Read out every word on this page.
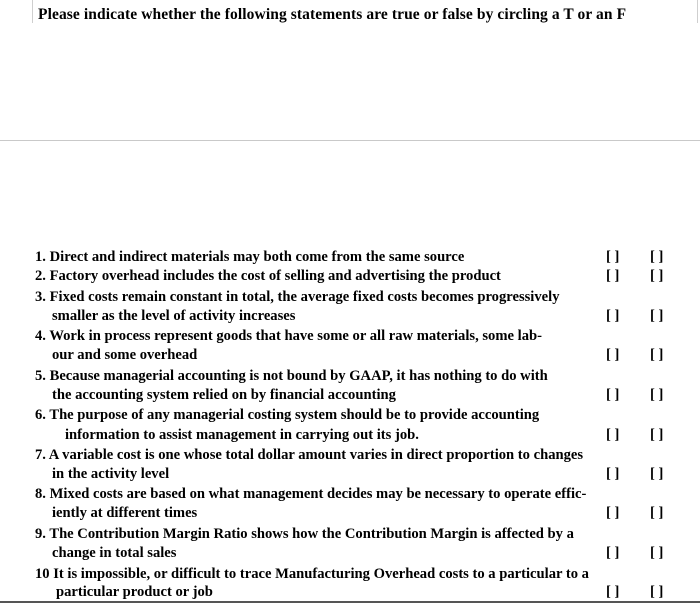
Please indicate whether the following statements are true or false by circling a T or an F
1. Direct and indirect materials may both come from the same source	[ ] [ ]
2. Factory overhead includes the cost of selling and advertising the product	[ ] [ ]
3. Fixed costs remain constant in total, the average fixed costs becomes progressively
smaller as the level of activity increases	[ ] [ ]
4. Work in process represent goods that have some or all raw materials, some lab-
our and some overhead	[ ] [ ]
5. Because managerial accounting is not bound by GAAP, it has nothing to do with
the accounting system relied on by financial accounting	[ ] [ ]
6. The purpose of any managerial costing system should be to provide accounting
information to assist management in carrying out its job.	[ ] [ ]
7. A variable cost is one whose total dollar amount varies in direct proportion to changes
in the activity level	[ ] [ ]
8. Mixed costs are based on what management decides may be necessary to operate effic-
iently at different times	[ ] [ ]
9. The Contribution Margin Ratio shows how the Contribution Margin is affected by a
change in total sales	[ ] [ ]
10 It is impossible, or difficult to trace Manufacturing Overhead costs to a particular to a
particular product or job	[ ] [ ]
